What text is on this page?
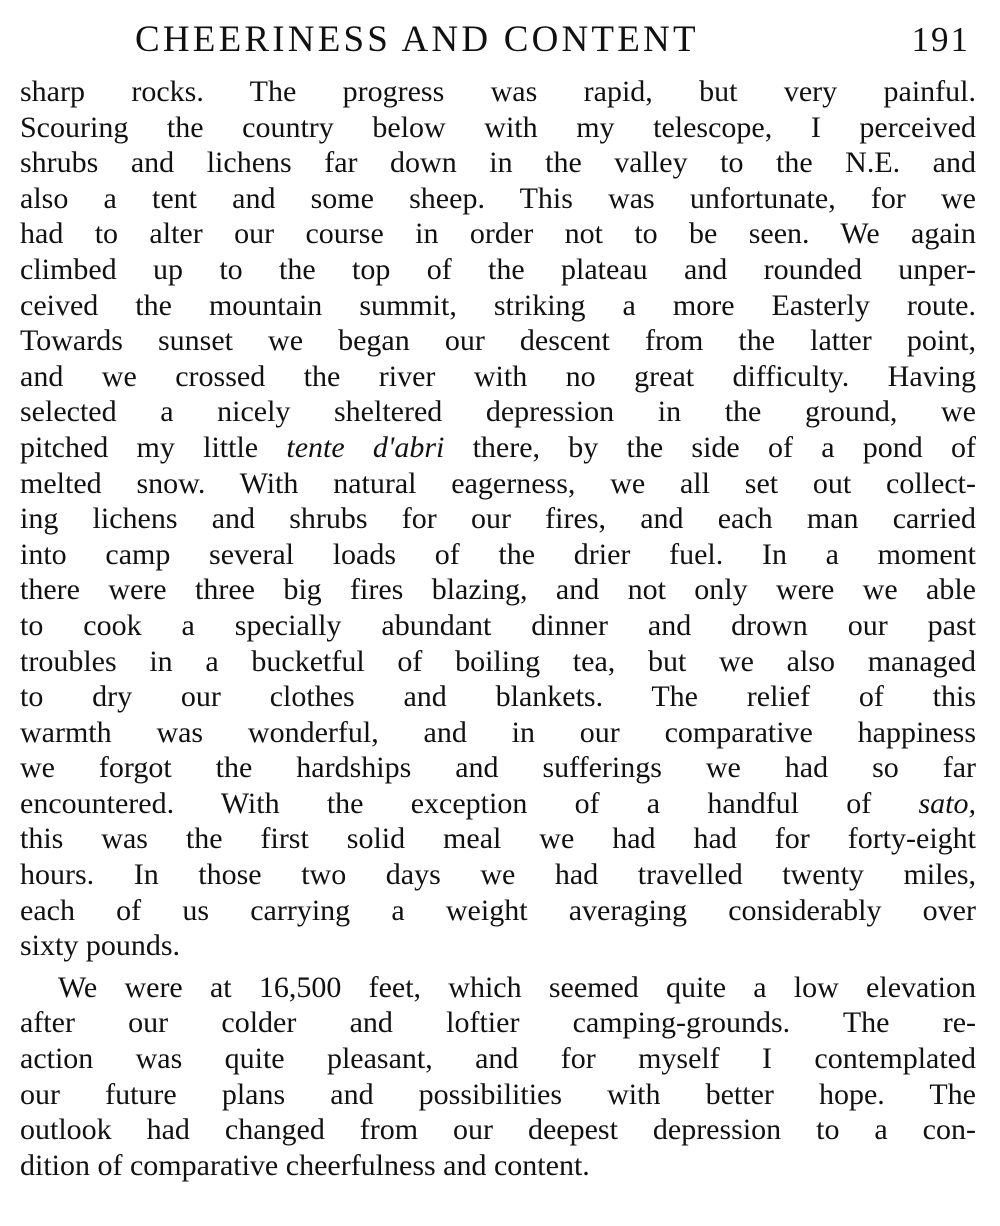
CHEERINESS AND CONTENT	191
sharp rocks. The progress was rapid, but very painful.
Scouring the country below with my telescope, I perceived
shrubs and lichens far down in the valley to the N.E. and
also a tent and some sheep. This was unfortunate, for we
had to alter our course in order not to be seen. We again
climbed up to the top of the plateau and rounded unper-
ceived the mountain summit, striking a more Easterly route.
Towards sunset we began our descent from the latter point,
and we crossed the river with no great difficulty. Having
selected a nicely sheltered depression in the ground, we
pitched my little tente d'abri there, by the side of a pond of
melted snow. With natural eagerness, we all set out collect-
ing lichens and shrubs for our fires, and each man carried
into camp several loads of the drier fuel. In a moment
there were three big fires blazing, and not only were we able
to cook a specially abundant dinner and drown our past
troubles in a bucketful of boiling tea, but we also managed
to dry our clothes and blankets. The relief of this
warmth was wonderful, and in our comparative happiness
we forgot the hardships and sufferings we had so far
encountered. With the exception of a handful of sato,
this was the first solid meal we had had for forty-eight
hours. In those two days we had travelled twenty miles,
each of us carrying a weight averaging considerably over
sixty pounds.
We were at 16,500 feet, which seemed quite a low elevation
after our colder and loftier camping-grounds. The re-
action was quite pleasant, and for myself I contemplated
our future plans and possibilities with better hope. The
outlook had changed from our deepest depression to a con-
dition of comparative cheerfulness and content.
